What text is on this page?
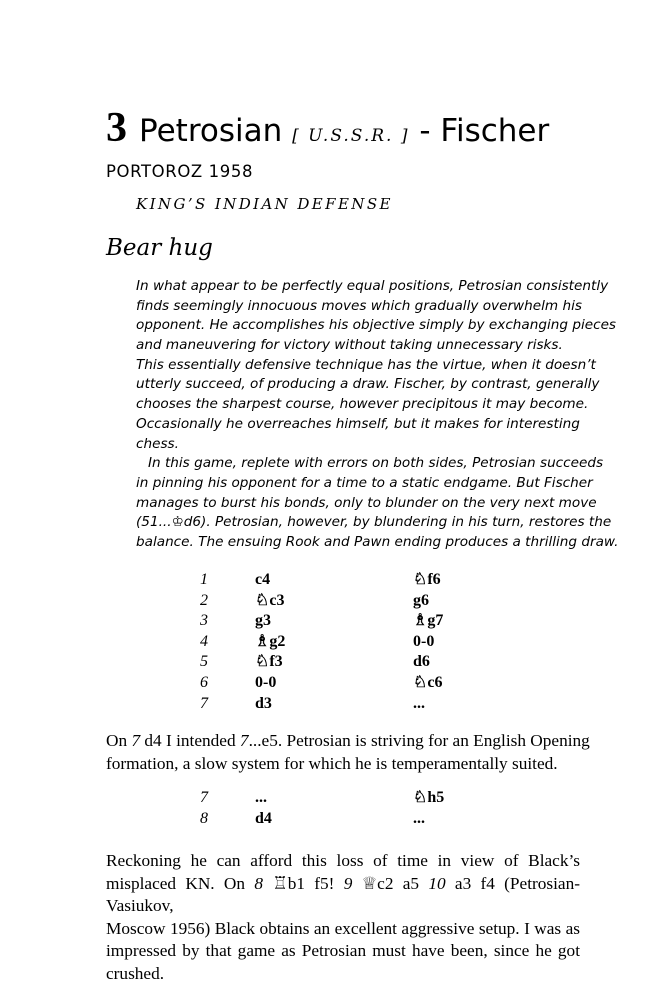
3 Petrosian [ U.S.S.R. ] - Fischer
PORTOROZ 1958
KING’S INDIAN DEFENSE
Bear hug
In what appear to be perfectly equal positions, Petrosian consistently
finds seemingly innocuous moves which gradually overwhelm his
opponent. He accomplishes his objective simply by exchanging pieces
and maneuvering for victory without taking unnecessary risks.
This essentially defensive technique has the virtue, when it doesn’t
utterly succeed, of producing a draw. Fischer, by contrast, generally
chooses the sharpest course, however precipitous it may become.
Occasionally he overreaches himself, but it makes for interesting
chess.
In this game, replete with errors on both sides, Petrosian succeeds
in pinning his opponent for a time to a static endgame. But Fischer
manages to burst his bonds, only to blunder on the very next move
(51...♔d6). Petrosian, however, by blundering in his turn, restores the
balance. The ensuing Rook and Pawn ending produces a thrilling draw.
1	c4	♘f6
2	♘c3	g6
3	g3	♗g7
4	♗g2	0-0
5	♘f3	d6
6	0-0	♘c6
7	d3	...
On 7 d4 I intended 7...e5. Petrosian is striving for an English Opening
formation, a slow system for which he is temperamentally suited.
7	...	♘h5
8	d4	...
Reckoning he can afford this loss of time in view of Black’s
misplaced KN. On 8 ♖b1 f5! 9 ♕c2 a5 10 a3 f4 (Petrosian-Vasiukov,
Moscow 1956) Black obtains an excellent aggressive setup. I was as
impressed by that game as Petrosian must have been, since he got
crushed.
